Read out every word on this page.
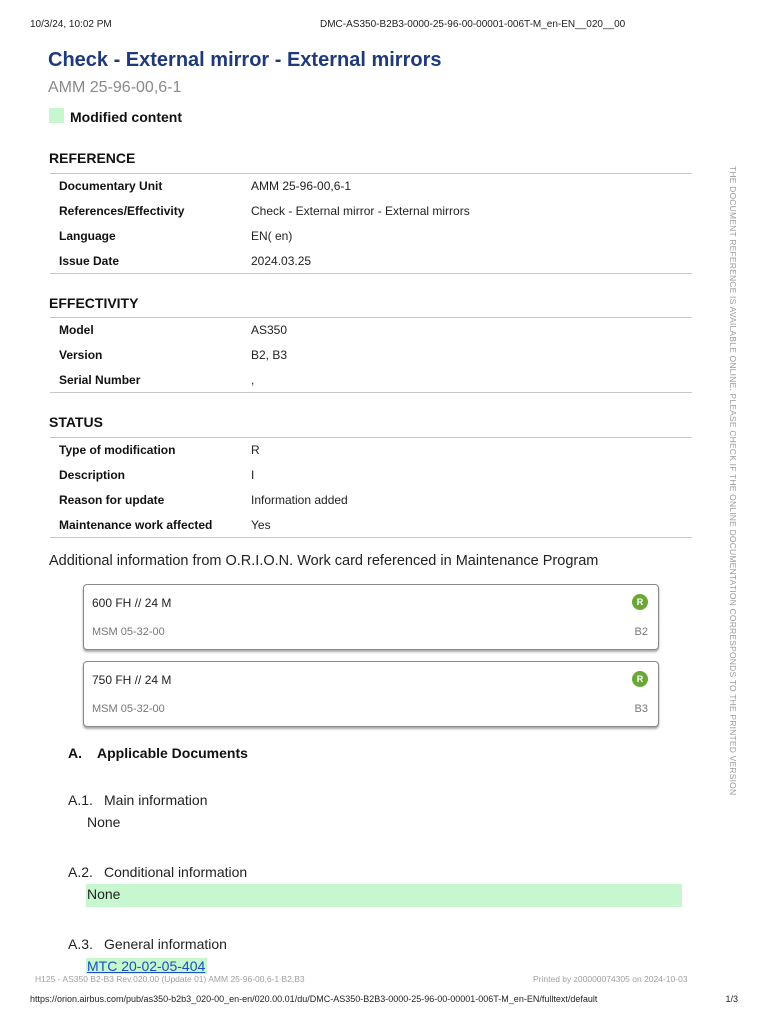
10/3/24, 10:02 PM	DMC-AS350-B2B3-0000-25-96-00-00001-006T-M_en-EN__020__00
Check - External mirror - External mirrors
AMM 25-96-00,6-1
Modified content
REFERENCE
Documentary Unit	AMM 25-96-00,6-1
References/Effectivity	Check - External mirror - External mirrors
Language	EN( en)
Issue Date	2024.03.25
EFFECTIVITY
Model	AS350
Version	B2, B3
Serial Number	,
STATUS
Type of modification	R
Description	I
Reason for update	Information added
Maintenance work affected	Yes
Additional information from O.R.I.O.N. Work card referenced in Maintenance Program
600 FH // 24 M	R
MSM 05-32-00	B2
750 FH // 24 M	R
MSM 05-32-00	B3
A. Applicable Documents
A.1. Main information
None
A.2. Conditional information
None
A.3. General information
MTC 20-02-05-404
THE DOCUMENT REFERENCE IS AVAILABLE ONLINE. PLEASE CHECK IF THE ONLINE DOCUMENTATION CORRESPONDS TO THE PRINTED VERSION
H125 - AS350 B2-B3 Rev.020.00 (Update 01) AMM 25-96-00,6-1 B2,B3	Printed by z00000074305 on 2024-10-03
https://orion.airbus.com/pub/as350-b2b3_020-00_en-en/020.00.01/du/DMC-AS350-B2B3-0000-25-96-00-00001-006T-M_en-EN/fulltext/default	1/3
